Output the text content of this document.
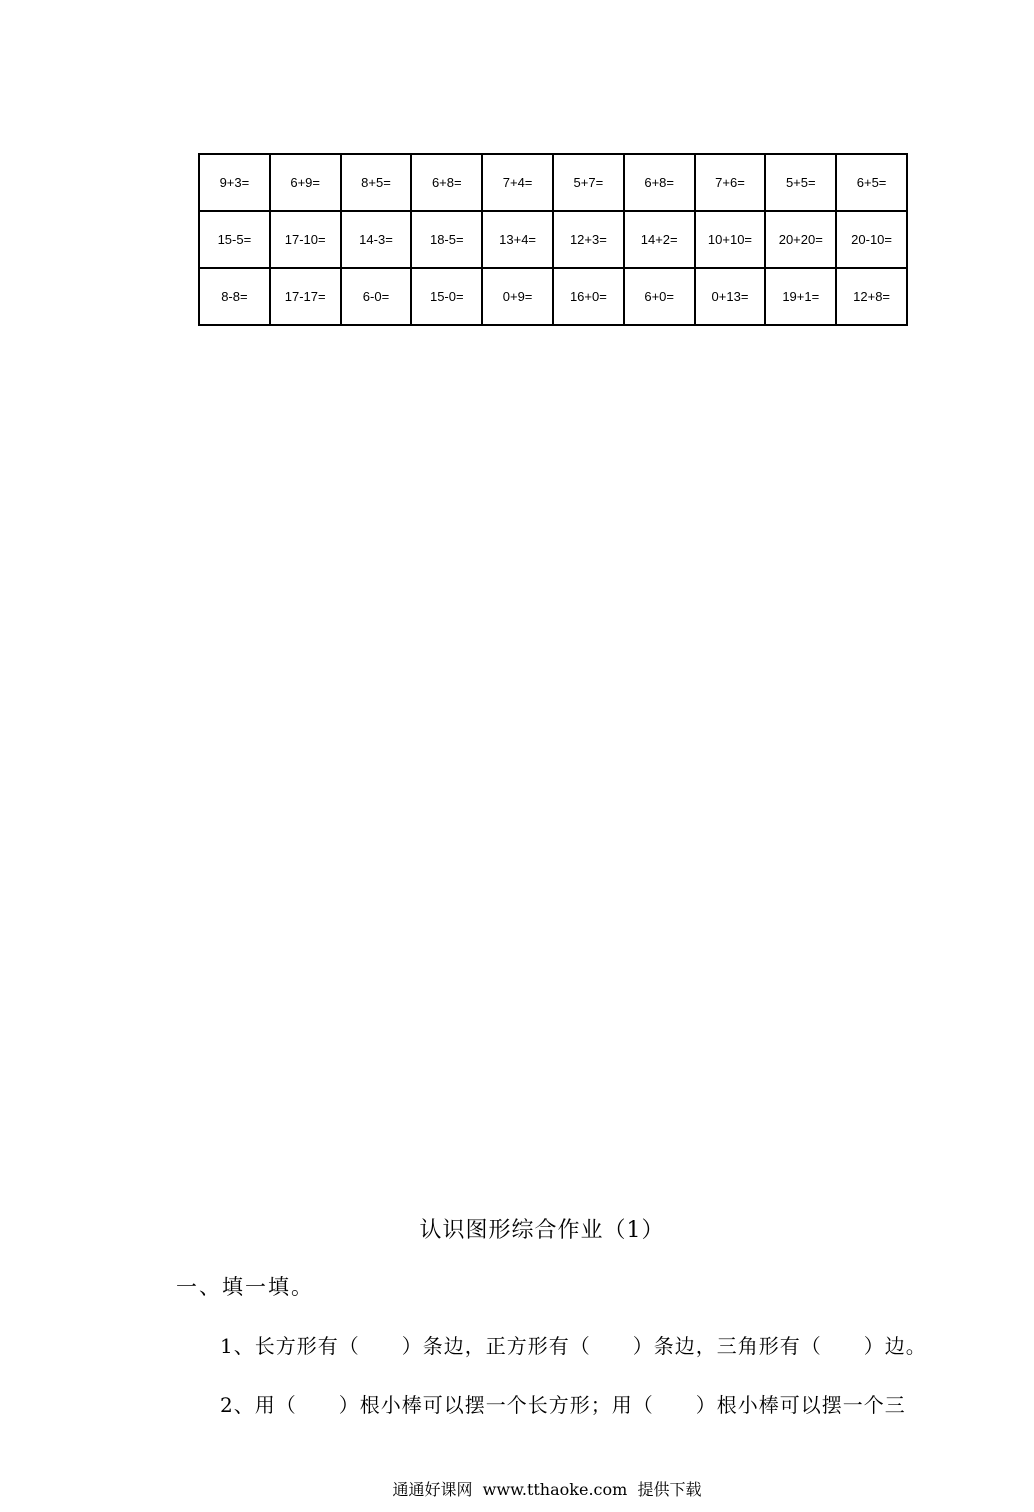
9+3=	6+9=	8+5=	6+8=	7+4=	5+7=	6+8=	7+6=	5+5=	6+5=
15-5=	17-10=	14-3=	18-5=	13+4=	12+3=	14+2=	10+10=	20+20=	20-10=
8-8=	17-17=	6-0=	15-0=	0+9=	16+0=	6+0=	0+13=	19+1=	12+8=
认识图形综合作业（1）
一、填一填。
1、长方形有（　　）条边，正方形有（　　）条边，三角形有（　　）边。
2、用（　　）根小棒可以摆一个长方形；用（　　）根小棒可以摆一个三
通通好课网  www.tthaoke.com  提供下载
